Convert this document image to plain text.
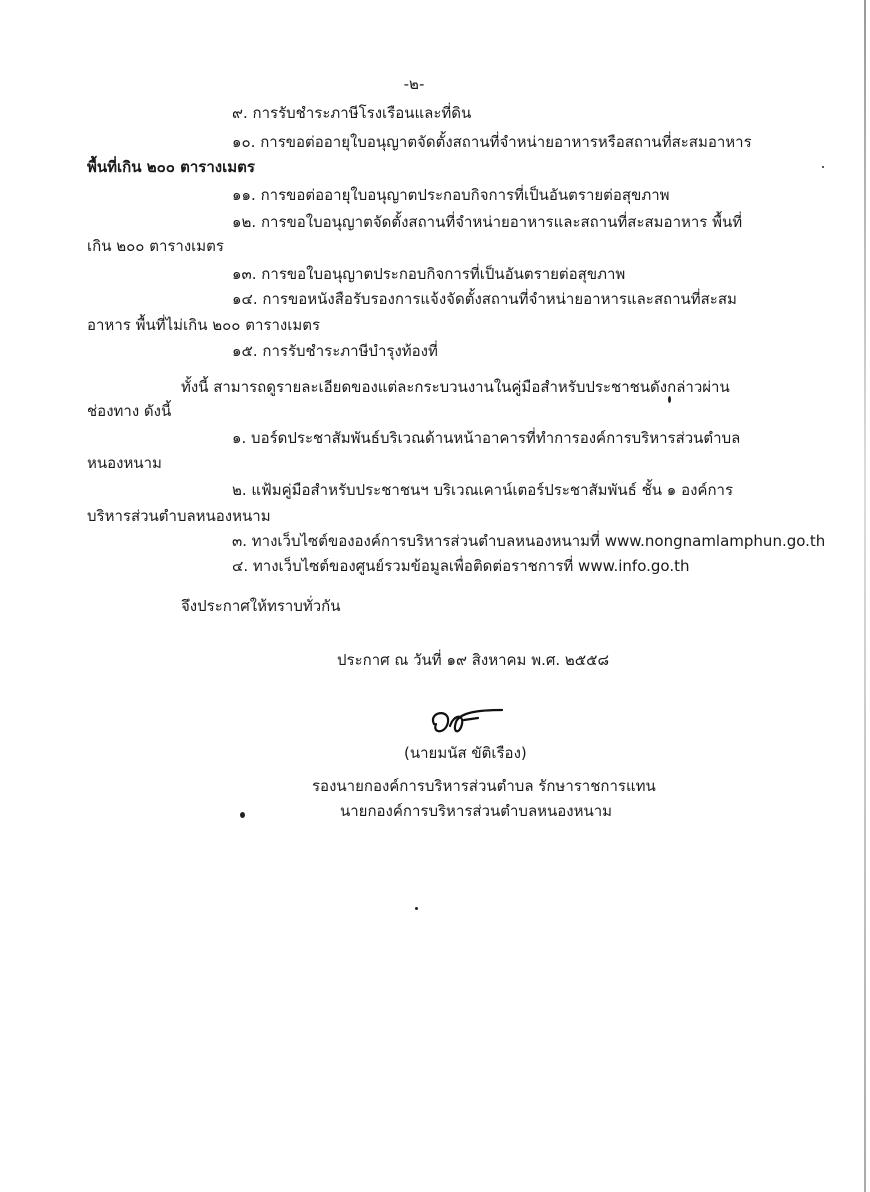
-๒-
๙. การรับชำระภาษีโรงเรือนและที่ดิน
๑๐. การขอต่ออายุใบอนุญาตจัดตั้งสถานที่จำหน่ายอาหารหรือสถานที่สะสมอาหาร
พื้นที่เกิน ๒๐๐ ตารางเมตร
๑๑. การขอต่ออายุใบอนุญาตประกอบกิจการที่เป็นอันตรายต่อสุขภาพ
๑๒. การขอใบอนุญาตจัดตั้งสถานที่จำหน่ายอาหารและสถานที่สะสมอาหาร พื้นที่
เกิน ๒๐๐ ตารางเมตร
๑๓. การขอใบอนุญาตประกอบกิจการที่เป็นอันตรายต่อสุขภาพ
๑๔. การขอหนังสือรับรองการแจ้งจัดตั้งสถานที่จำหน่ายอาหารและสถานที่สะสม
อาหาร พื้นที่ไม่เกิน ๒๐๐ ตารางเมตร
๑๕. การรับชำระภาษีบำรุงท้องที่
ทั้งนี้ สามารถดูรายละเอียดของแต่ละกระบวนงานในคู่มือสำหรับประชาชนดังกล่าวผ่าน
ช่องทาง ดังนี้
๑. บอร์ดประชาสัมพันธ์บริเวณด้านหน้าอาคารที่ทำการองค์การบริหารส่วนตำบล
หนองหนาม
๒. แฟ้มคู่มือสำหรับประชาชนฯ บริเวณเคาน์เตอร์ประชาสัมพันธ์ ชั้น ๑ องค์การ
บริหารส่วนตำบลหนองหนาม
๓. ทางเว็บไซต์ขององค์การบริหารส่วนตำบลหนองหนามที่ www.nongnamlamphun.go.th
๔. ทางเว็บไซต์ของศูนย์รวมข้อมูลเพื่อติดต่อราชการที่ www.info.go.th
จึงประกาศให้ทราบทั่วกัน
ประกาศ ณ วันที่ ๑๙ สิงหาคม พ.ศ. ๒๕๕๘
(นายมนัส ขัติเรือง)
รองนายกองค์การบริหารส่วนตำบล รักษาราชการแทน
นายกองค์การบริหารส่วนตำบลหนองหนาม
